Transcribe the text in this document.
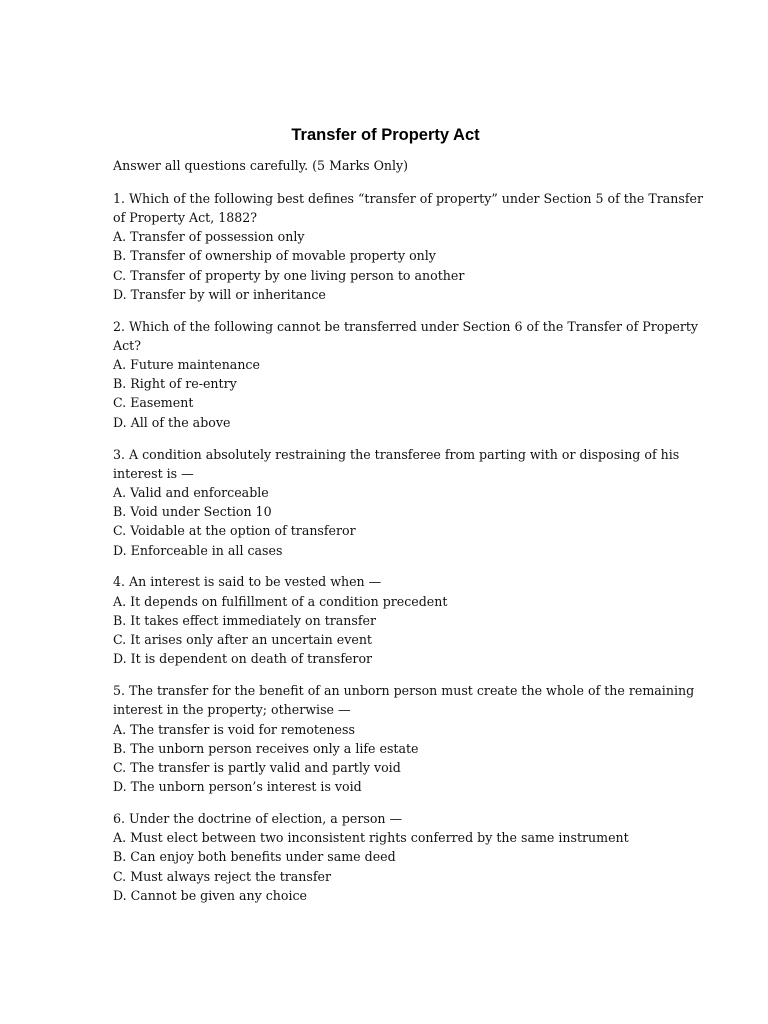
Transfer of Property Act
Answer all questions carefully. (5 Marks Only)
1. Which of the following best defines “transfer of property” under Section 5 of the Transfer
of Property Act, 1882?
A. Transfer of possession only
B. Transfer of ownership of movable property only
C. Transfer of property by one living person to another
D. Transfer by will or inheritance
2. Which of the following cannot be transferred under Section 6 of the Transfer of Property
Act?
A. Future maintenance
B. Right of re-entry
C. Easement
D. All of the above
3. A condition absolutely restraining the transferee from parting with or disposing of his
interest is —
A. Valid and enforceable
B. Void under Section 10
C. Voidable at the option of transferor
D. Enforceable in all cases
4. An interest is said to be vested when —
A. It depends on fulfillment of a condition precedent
B. It takes effect immediately on transfer
C. It arises only after an uncertain event
D. It is dependent on death of transferor
5. The transfer for the benefit of an unborn person must create the whole of the remaining
interest in the property; otherwise —
A. The transfer is void for remoteness
B. The unborn person receives only a life estate
C. The transfer is partly valid and partly void
D. The unborn person’s interest is void
6. Under the doctrine of election, a person —
A. Must elect between two inconsistent rights conferred by the same instrument
B. Can enjoy both benefits under same deed
C. Must always reject the transfer
D. Cannot be given any choice
